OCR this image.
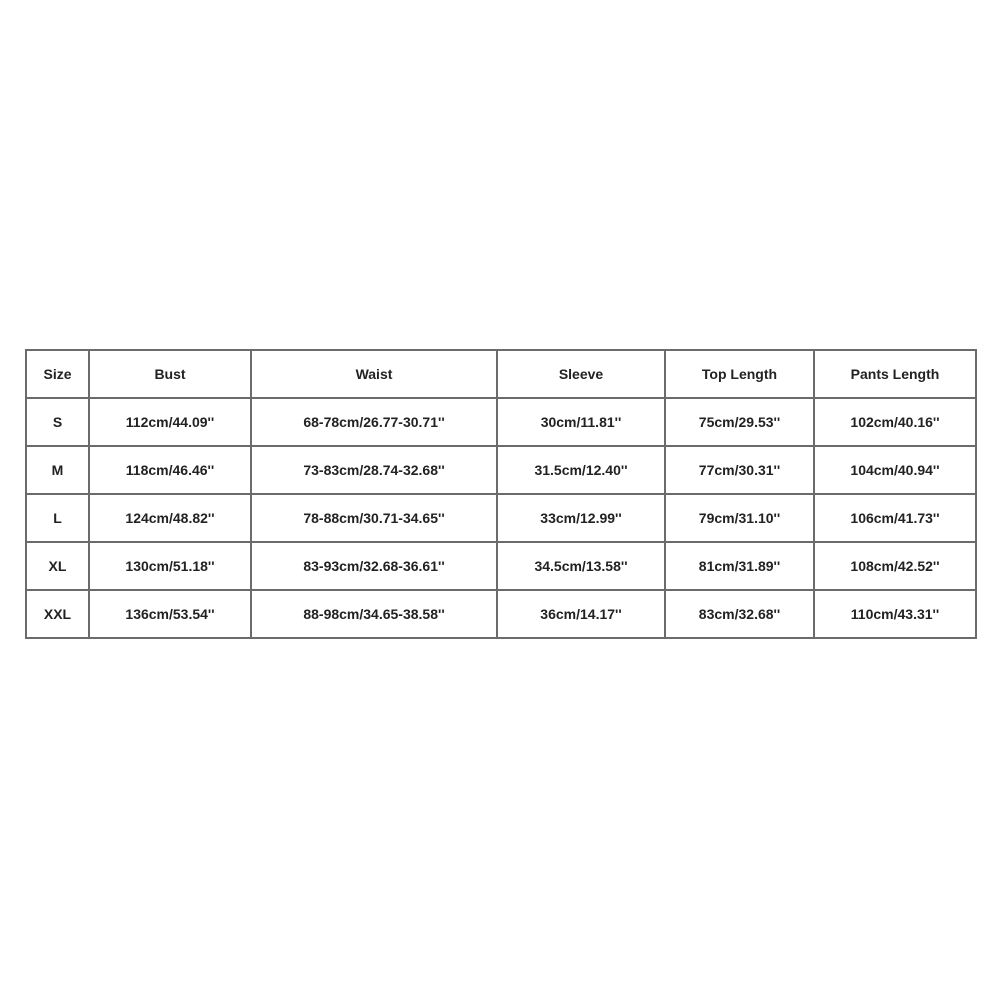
Size	Bust	Waist	Sleeve	Top Length	Pants Length
S	112cm/44.09''	68-78cm/26.77-30.71''	30cm/11.81''	75cm/29.53''	102cm/40.16''
M	118cm/46.46''	73-83cm/28.74-32.68''	31.5cm/12.40''	77cm/30.31''	104cm/40.94''
L	124cm/48.82''	78-88cm/30.71-34.65''	33cm/12.99''	79cm/31.10''	106cm/41.73''
XL	130cm/51.18''	83-93cm/32.68-36.61''	34.5cm/13.58''	81cm/31.89''	108cm/42.52''
XXL	136cm/53.54''	88-98cm/34.65-38.58''	36cm/14.17''	83cm/32.68''	110cm/43.31''
